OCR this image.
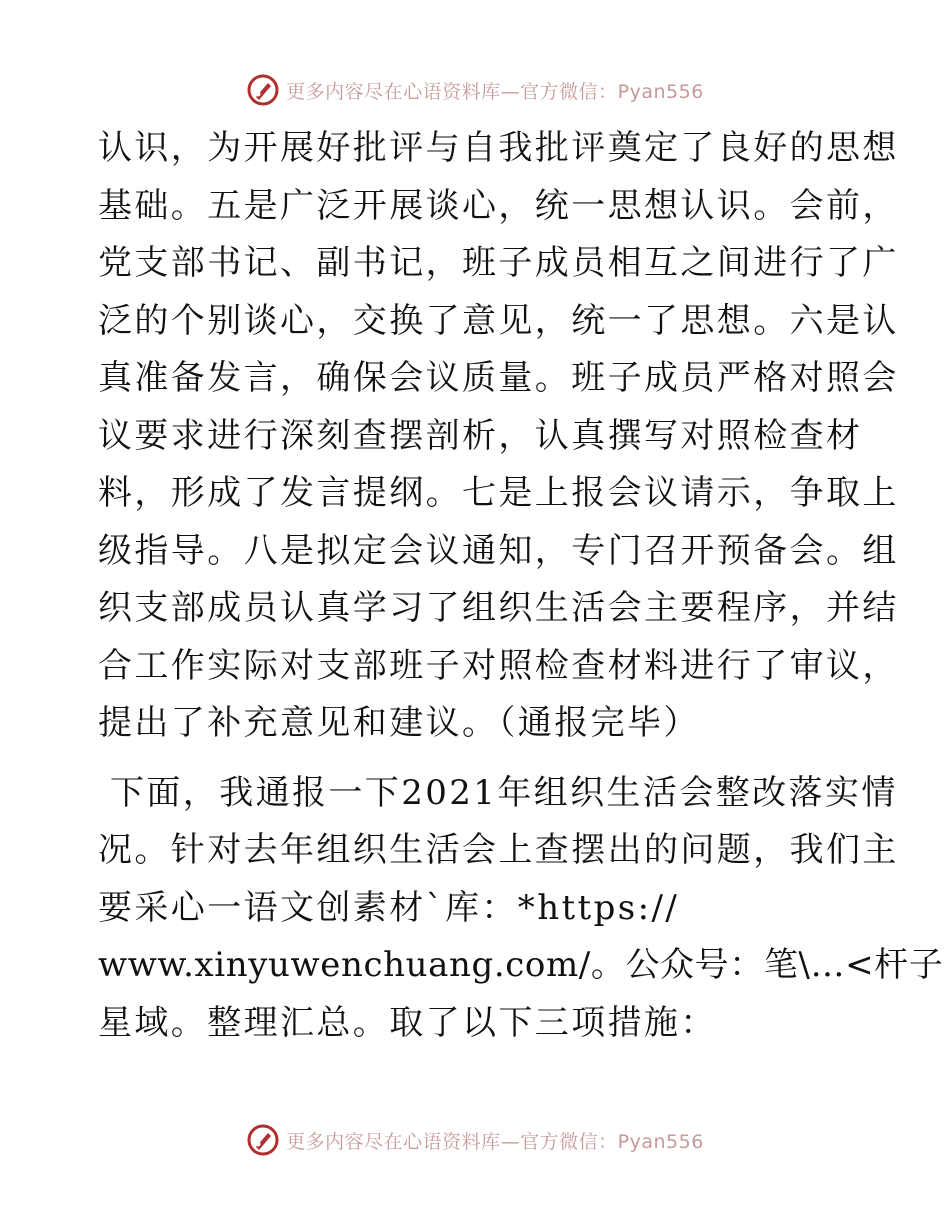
更多内容尽在心语资料库—官方微信：Pyan556
认识，为开展好批评与自我批评奠定了良好的思想
基础。五是广泛开展谈心，统一思想认识。会前，
党支部书记、副书记，班子成员相互之间进行了广
泛的个别谈心，交换了意见，统一了思想。六是认
真准备发言，确保会议质量。班子成员严格对照会
议要求进行深刻查摆剖析，认真撰写对照检查材
料，形成了发言提纲。七是上报会议请示，争取上
级指导。八是拟定会议通知，专门召开预备会。组
织支部成员认真学习了组织生活会主要程序，并结
合工作实际对支部班子对照检查材料进行了审议，
提出了补充意见和建议。（通报完毕）
下面，我通报一下2021年组织生活会整改落实情
况。针对去年组织生活会上查摆出的问题，我们主
要采心一语文创素材`库：*https://
www.xinyuwenchuang.com/。公众号：笔\…<杆子
星域。整理汇总。取了以下三项措施：
更多内容尽在心语资料库—官方微信：Pyan556
